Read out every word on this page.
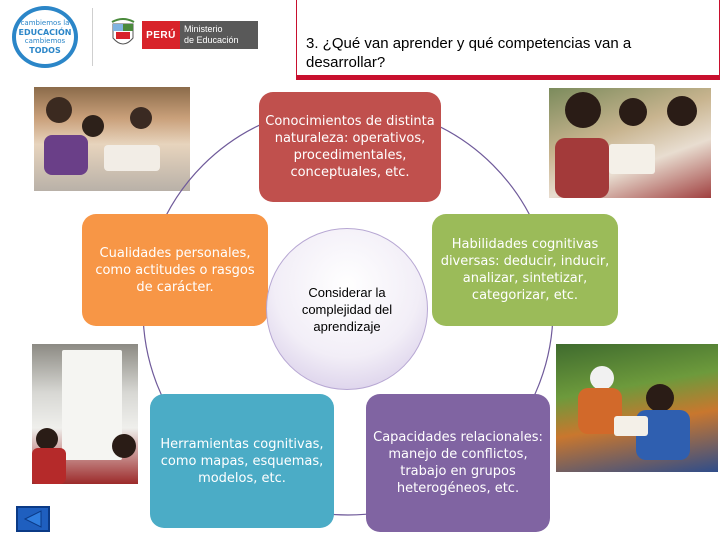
cambiemos la
EDUCACIÓN
cambiemos
TODOS
PERÚ
Ministerio
de Educación	3. ¿Qué van aprender y qué competencias van a desarrollar?
Conocimientos de distinta naturaleza: operativos, procedimentales, conceptuales, etc.
Cualidades personales, como actitudes o rasgos de carácter.
Habilidades cognitivas diversas: deducir, inducir, analizar, sintetizar, categorizar, etc.
Herramientas cognitivas, como mapas, esquemas, modelos, etc.
Capacidades relacionales: manejo de conflictos, trabajo en grupos heterogéneos, etc.
Considerar la complejidad del aprendizaje
